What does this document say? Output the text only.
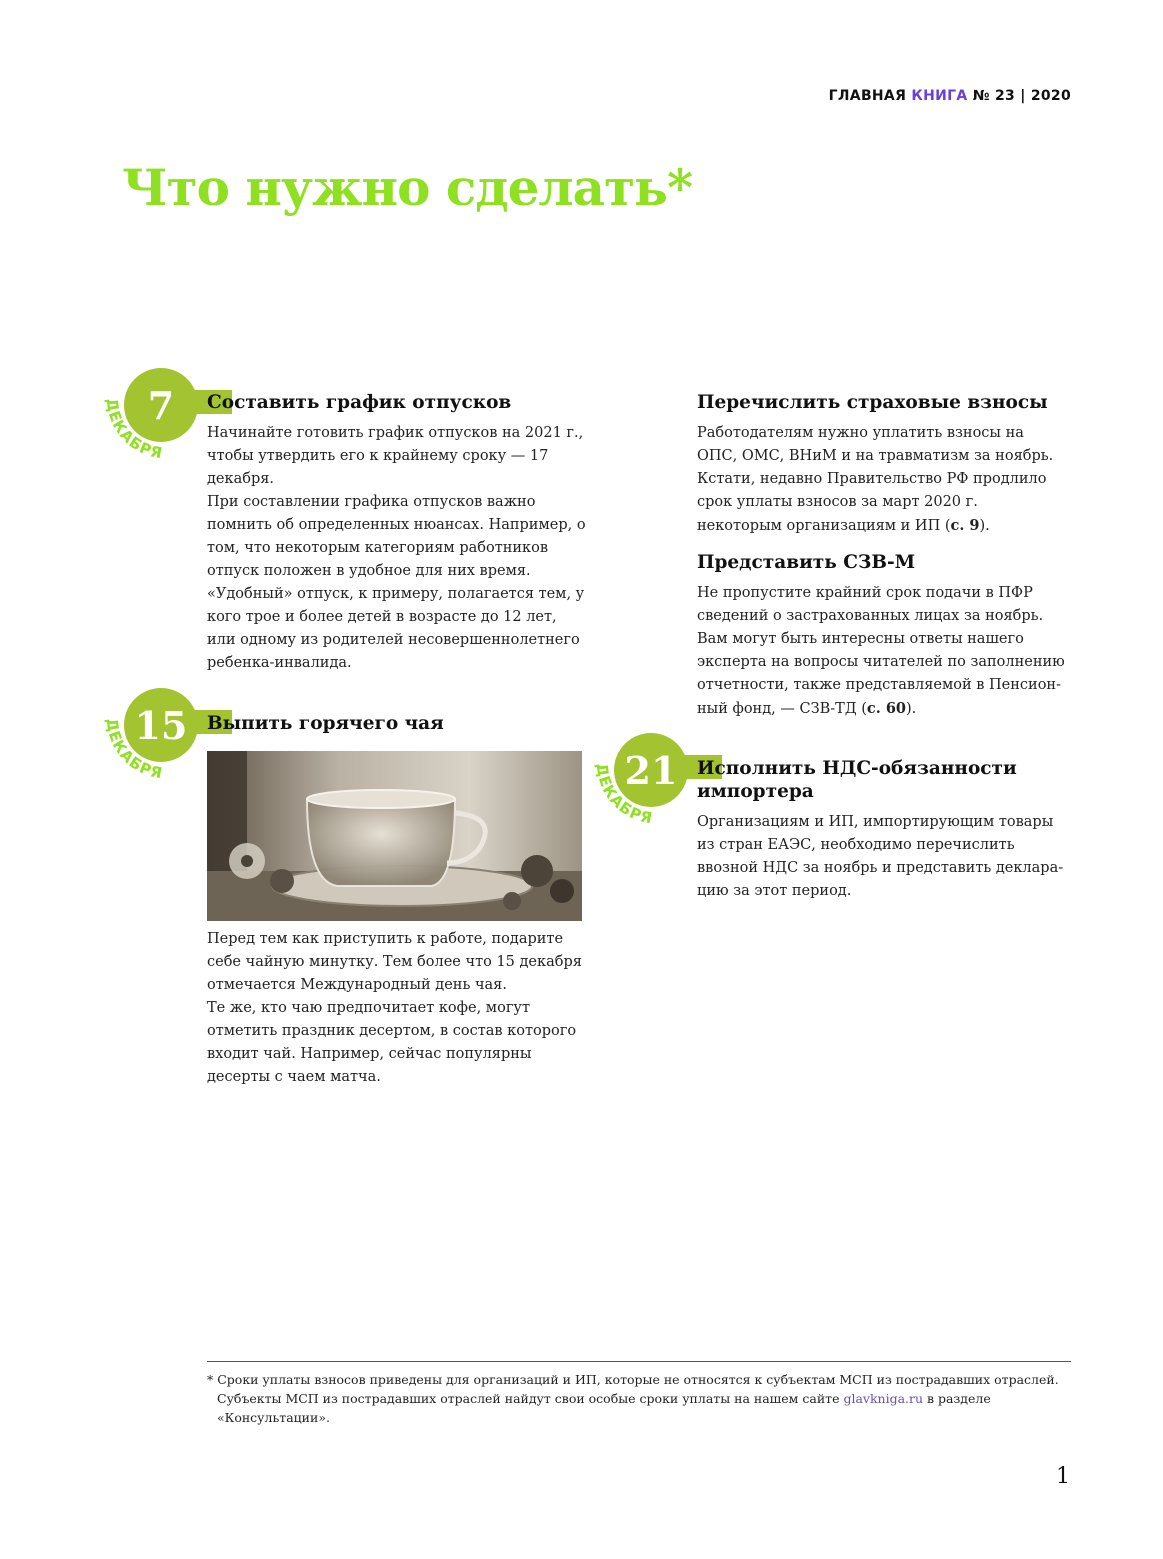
ГЛАВНАЯ КНИГА № 23 | 2020
Что нужно сделать*
7
ДЕКАБРЯ
15
ДЕКАБРЯ	21
ДЕКАБРЯ
Составить график отпусков

Начинайте готовить график отпусков на 2021 г., чтобы утвердить его к крайнему сроку — 17 декабря.

При составлении графика отпусков важно помнить об определенных нюансах. Например, о том, что некоторым категориям работников отпуск положен в удобное для них время. «Удобный» отпуск, к примеру, полагается тем, у кого трое и более детей в возрасте до 12 лет, или одному из родителей несовершеннолетнего ребенка-инвалида.

Выпить горячего чая

Перед тем как приступить к работе, подарите себе чайную минутку. Тем более что 15 декабря отмечается Международный день чая.

Те же, кто чаю предпочитает кофе, могут отметить праздник десертом, в состав которого входит чай. Например, сейчас популярны десерты с чаем матча.

Перечислить страховые взносы

Работодателям нужно уплатить взносы на ОПС, ОМС, ВНиМ и на травматизм за ноябрь. Кстати, недавно Правительство РФ продлило срок уплаты взносов за март 2020 г. некоторым организациям и ИП (с. 9).

Представить СЗВ-М

Не пропустите крайний срок подачи в ПФР сведений о застрахованных лицах за ноябрь. Вам могут быть интересны ответы нашего эксперта на вопросы читателей по заполнению отчетности, также представляемой в Пенсионный фонд, — СЗВ-ТД (с. 60).

Исполнить НДС-обязанности импортера

Организациям и ИП, импортирующим товары из стран ЕАЭС, необходимо перечислить ввозной НДС за ноябрь и представить декларацию за этот период.

* Сроки уплаты взносов приведены для организаций и ИП, которые не относятся к субъектам МСП из пострадавших отраслей.
Субъекты МСП из пострадавших отраслей найдут свои особые сроки уплаты на нашем сайте glavkniga.ru в разделе «Консультации».
1
